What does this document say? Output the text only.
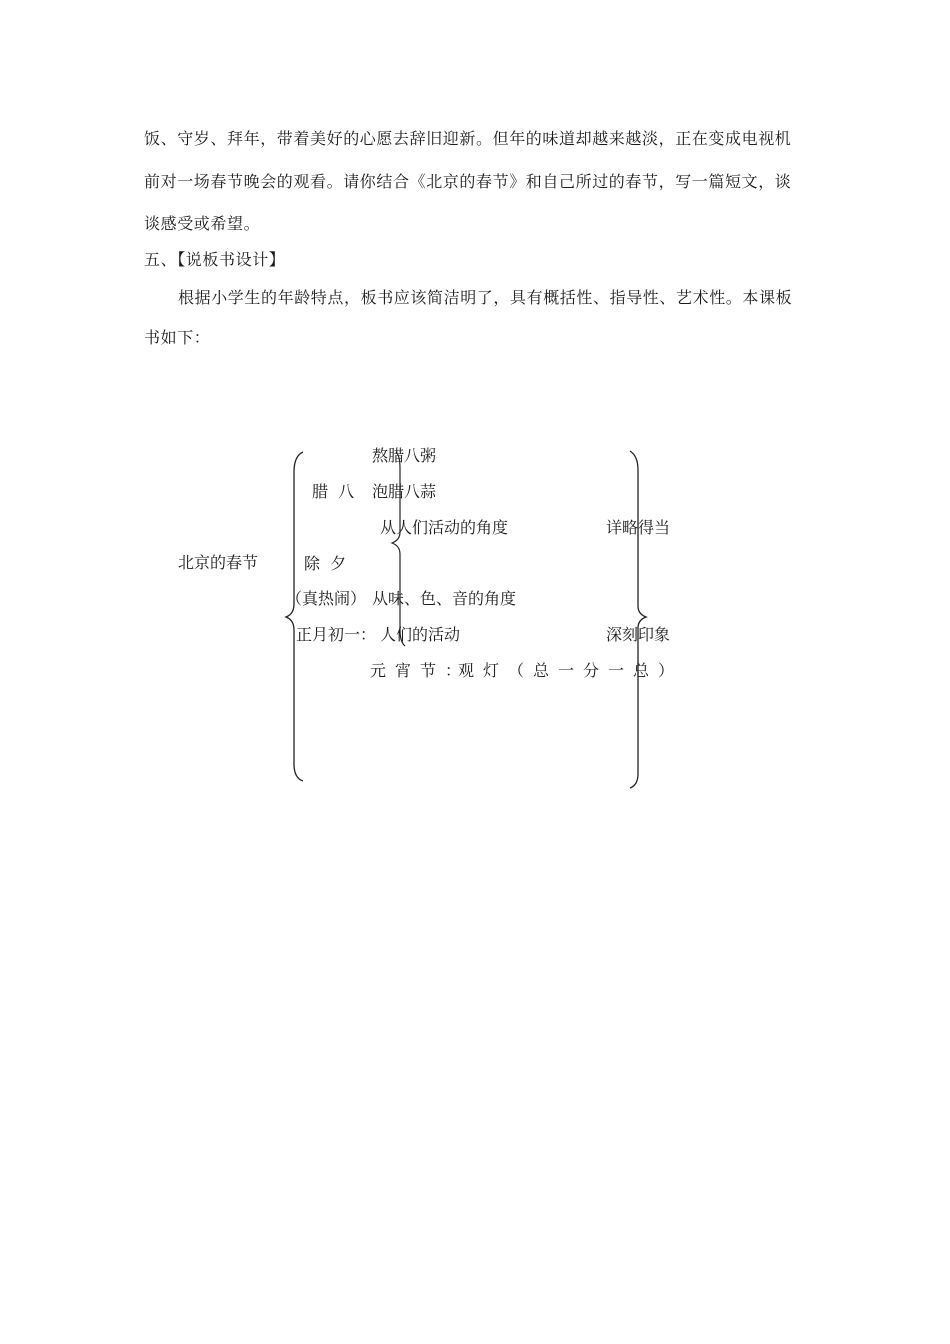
饭、守岁、拜年，带着美好的心愿去辞旧迎新。但年的味道却越来越淡，正在变成电视机
前对一场春节晚会的观看。请你结合《北京的春节》和自己所过的春节，写一篇短文，谈
谈感受或希望。
五、【说板书设计】
根据小学生的年龄特点，板书应该简洁明了，具有概括性、指导性、艺术性。本课板
书如下：
北京的春节
腊  八
熬腊八粥
泡腊八蒜
从人们活动的角度
除  夕
（真热闹） 从味、色、音的角度
正月初一： 人们的活动
元宵节：
观灯（总一分一总）
详略得当
深刻印象
